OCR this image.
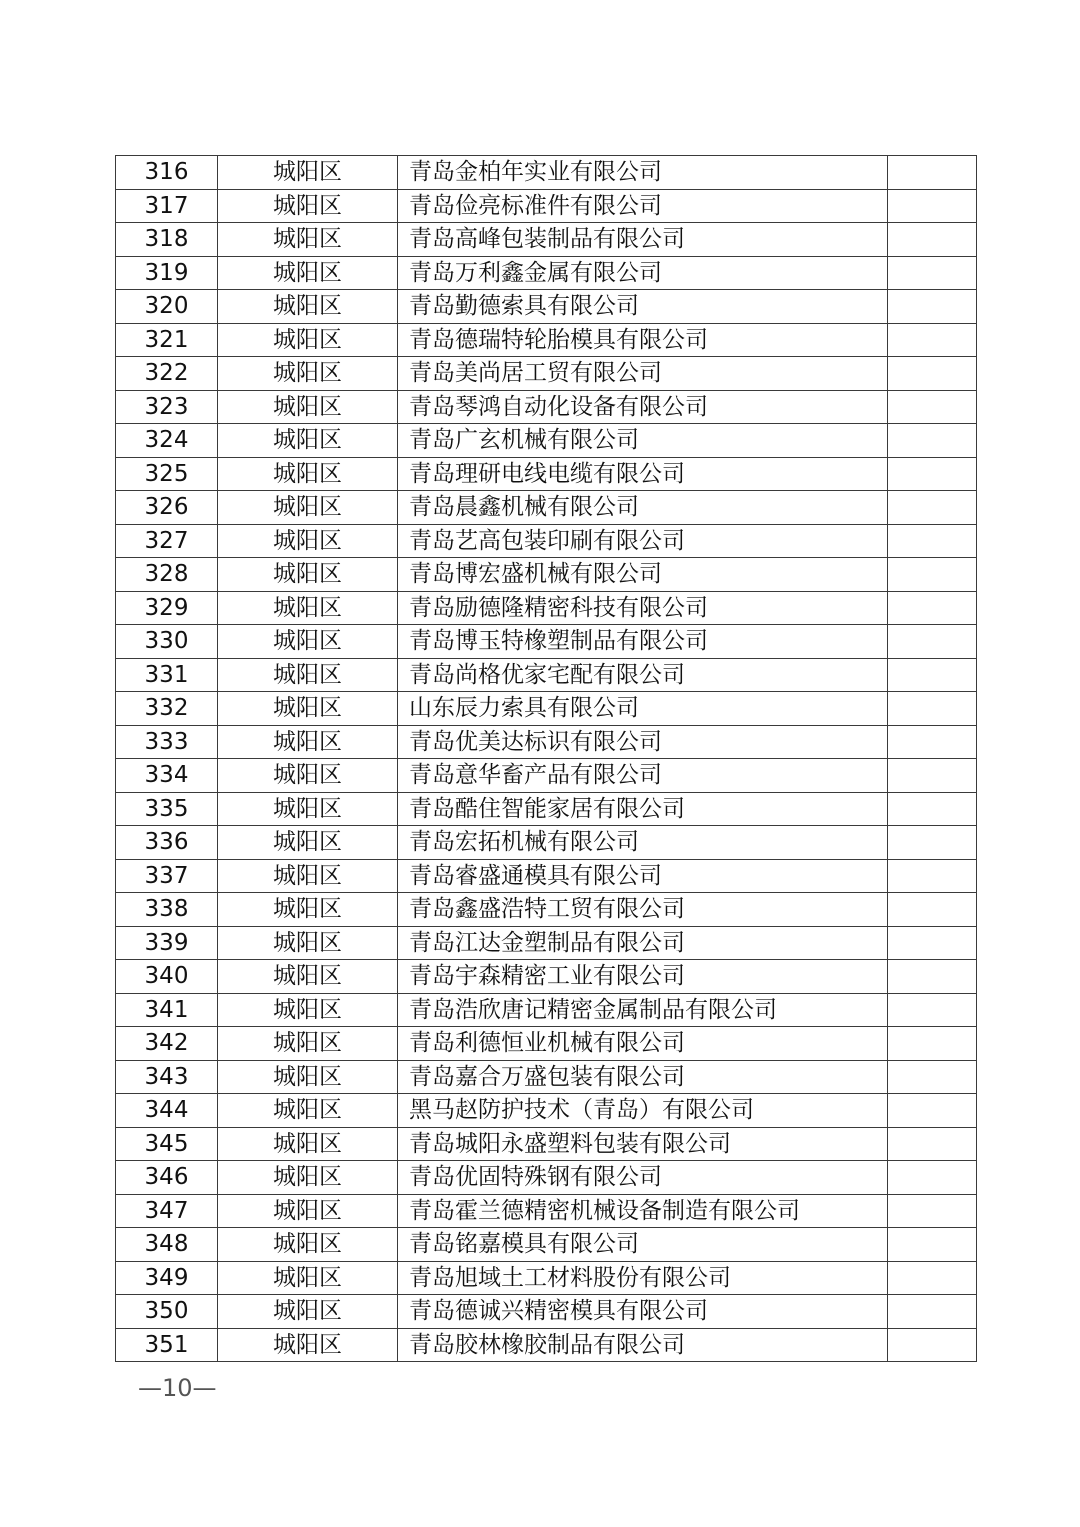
316	城阳区	青岛金柏年实业有限公司	
317	城阳区	青岛俭亮标准件有限公司	
318	城阳区	青岛高峰包装制品有限公司	
319	城阳区	青岛万利鑫金属有限公司	
320	城阳区	青岛勤德索具有限公司	
321	城阳区	青岛德瑞特轮胎模具有限公司	
322	城阳区	青岛美尚居工贸有限公司	
323	城阳区	青岛琴鸿自动化设备有限公司	
324	城阳区	青岛广玄机械有限公司	
325	城阳区	青岛理研电线电缆有限公司	
326	城阳区	青岛晨鑫机械有限公司	
327	城阳区	青岛艺高包装印刷有限公司	
328	城阳区	青岛博宏盛机械有限公司	
329	城阳区	青岛励德隆精密科技有限公司	
330	城阳区	青岛博玉特橡塑制品有限公司	
331	城阳区	青岛尚格优家宅配有限公司	
332	城阳区	山东辰力索具有限公司	
333	城阳区	青岛优美达标识有限公司	
334	城阳区	青岛意华畜产品有限公司	
335	城阳区	青岛酷住智能家居有限公司	
336	城阳区	青岛宏拓机械有限公司	
337	城阳区	青岛睿盛通模具有限公司	
338	城阳区	青岛鑫盛浩特工贸有限公司	
339	城阳区	青岛江达金塑制品有限公司	
340	城阳区	青岛宇森精密工业有限公司	
341	城阳区	青岛浩欣唐记精密金属制品有限公司	
342	城阳区	青岛利德恒业机械有限公司	
343	城阳区	青岛嘉合万盛包装有限公司	
344	城阳区	黑马赵防护技术（青岛）有限公司	
345	城阳区	青岛城阳永盛塑料包装有限公司	
346	城阳区	青岛优固特殊钢有限公司	
347	城阳区	青岛霍兰德精密机械设备制造有限公司	
348	城阳区	青岛铭嘉模具有限公司	
349	城阳区	青岛旭域土工材料股份有限公司	
350	城阳区	青岛德诚兴精密模具有限公司	
351	城阳区	青岛胶林橡胶制品有限公司	
—10—
